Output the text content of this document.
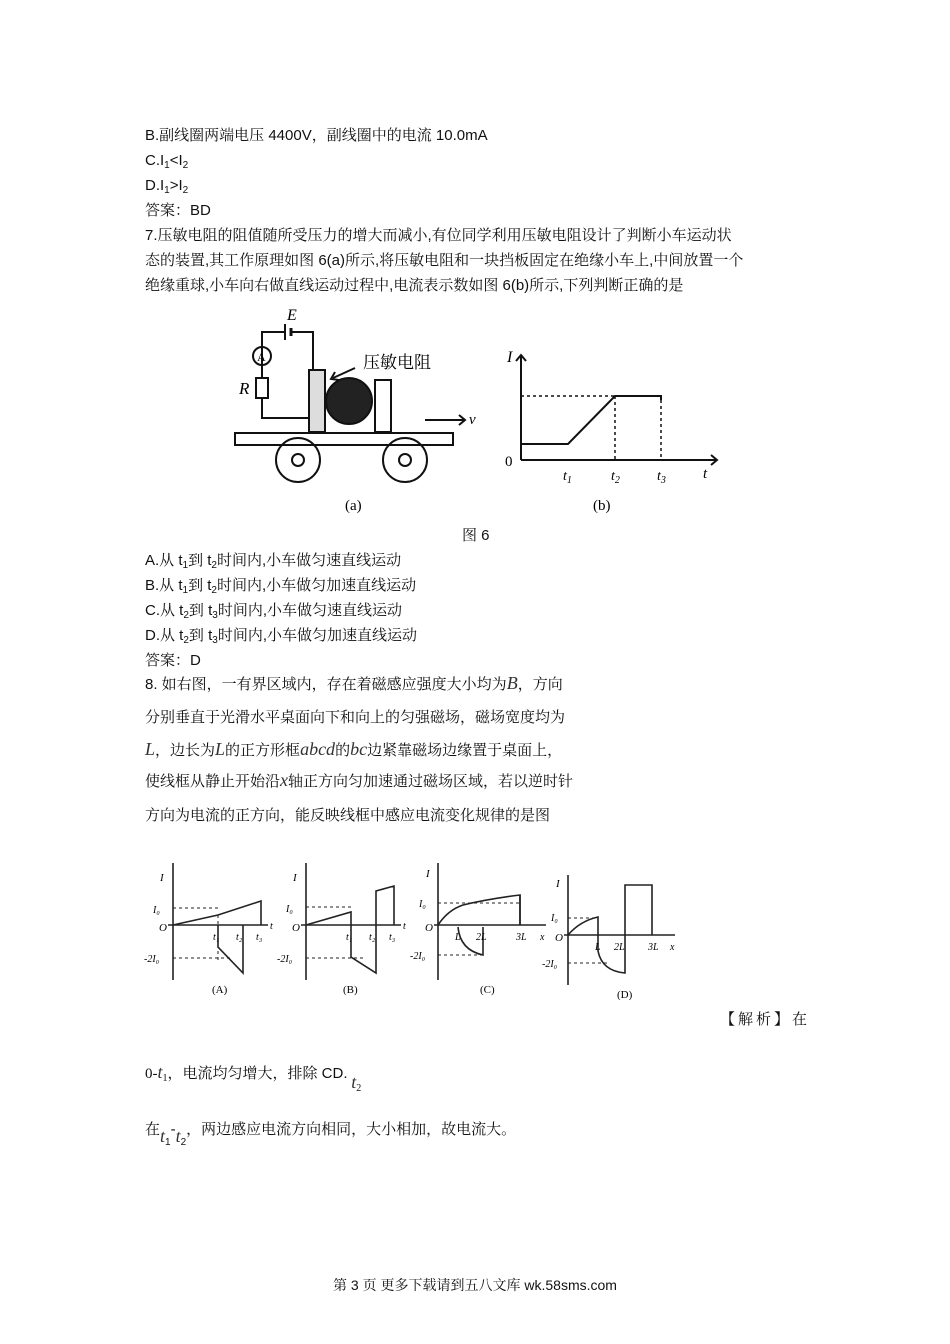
B.副线圈两端电压 4400V，副线圈中的电流 10.0mA
$C.I_1<I_2$
$D.I_1>I_2$
答案：BD
7.压敏电阻的阻值随所受压力的增大而减小,有位同学利用压敏电阻设计了判断小车运动状
态的装置,其工作原理如图 6(a)所示,将压敏电阻和一块挡板固定在绝缘小车上,中间放置一个
绝缘重球,小车向右做直线运动过程中,电流表示数如图 6(b)所示,下列判断正确的是
E
A
R
压敏电阻
v
(a)
I
0
t
$t_1$	$t_2$	$t_3$
(b)
图 6
A.从 $t_1$到 $t_2$时间内,小车做匀速直线运动
B.从 $t_1$到 $t_2$时间内,小车做匀加速直线运动
C.从 $t_2$到 $t_3$时间内,小车做匀速直线运动
D.从 $t_2$到 $t_3$时间内,小车做匀加速直线运动
答案：D
8. 如右图，一有界区域内，存在着磁感应强度大小均为B，方向
分别垂直于光滑水平桌面向下和向上的匀强磁场，磁场宽度均为
L，边长为L的正方形框abcd的bc边紧靠磁场边缘置于桌面上，
使线框从静止开始沿x轴正方向匀加速通过磁场区域，若以逆时针
方向为电流的正方向，能反映线框中感应电流变化规律的是图
I
I₀
O
-2I₀
t₁ t₂ t₃
t
(A)
I
I₀
O
-2I₀
t₁ t₂ t₃
t
(B)
I
I₀
O
-2I₀
L 2L	3L x
(C)
I
I₀
O
-2I₀
L 2L 3L x
(D)
【解析】在
$0-t_1$，电流均匀增大，排除 CD. $t_2$
在$t_1-t_2$，两边感应电流方向相同，大小相加，故电流大。
第 3 页 更多下载请到五八文库 wk.58sms.com
